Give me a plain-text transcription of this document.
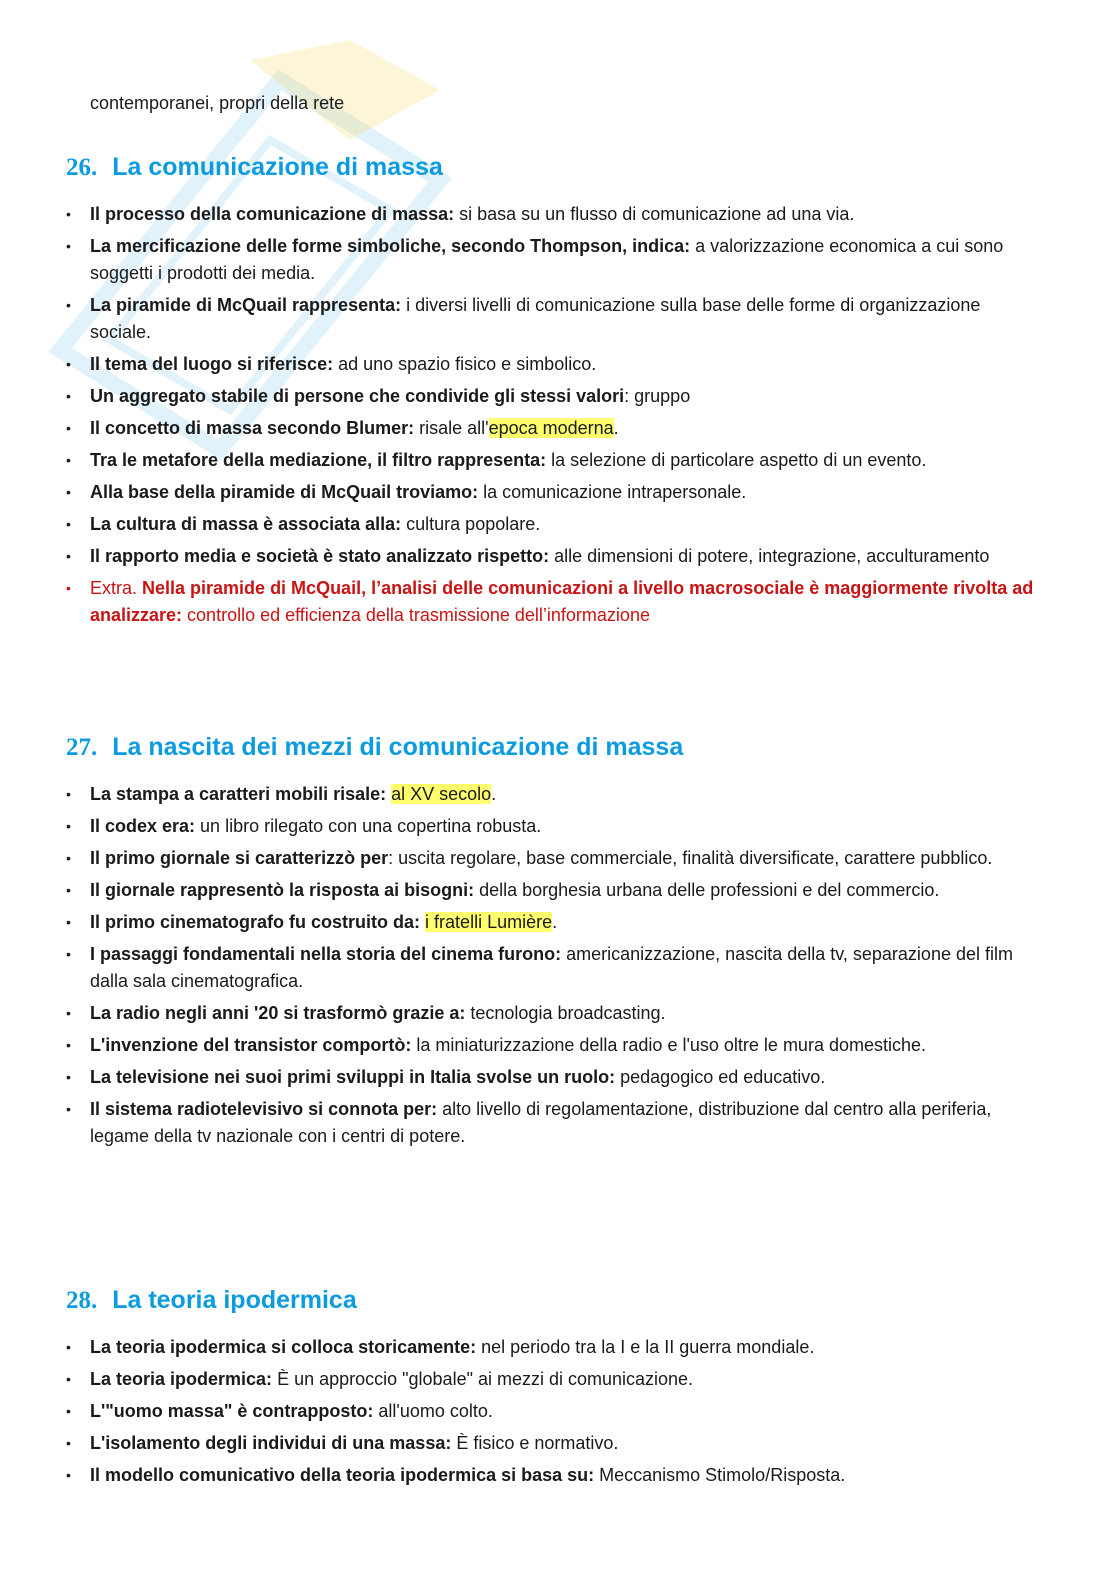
contemporanei, propri della rete
26. La comunicazione di massa
• Il processo della comunicazione di massa: si basa su un flusso di comunicazione ad una via.
• La mercificazione delle forme simboliche, secondo Thompson, indica: a valorizzazione economica a cui sono soggetti i prodotti dei media.
• La piramide di McQuail rappresenta: i diversi livelli di comunicazione sulla base delle forme di organizzazione sociale.
• Il tema del luogo si riferisce: ad uno spazio fisico e simbolico.
• Un aggregato stabile di persone che condivide gli stessi valori: gruppo
• Il concetto di massa secondo Blumer: risale all'epoca moderna.
• Tra le metafore della mediazione, il filtro rappresenta: la selezione di particolare aspetto di un evento.
• Alla base della piramide di McQuail troviamo: la comunicazione intrapersonale.
• La cultura di massa è associata alla: cultura popolare.
• Il rapporto media e società è stato analizzato rispetto: alle dimensioni di potere, integrazione, acculturamento
• Extra. Nella piramide di McQuail, l’analisi delle comunicazioni a livello macrosociale è maggiormente rivolta ad analizzare: controllo ed efficienza della trasmissione dell’informazione
27. La nascita dei mezzi di comunicazione di massa
• La stampa a caratteri mobili risale: al XV secolo.
• Il codex era: un libro rilegato con una copertina robusta.
• Il primo giornale si caratterizzò per: uscita regolare, base commerciale, finalità diversificate, carattere pubblico.
• Il giornale rappresentò la risposta ai bisogni: della borghesia urbana delle professioni e del commercio.
• Il primo cinematografo fu costruito da: i fratelli Lumière.
• I passaggi fondamentali nella storia del cinema furono: americanizzazione, nascita della tv, separazione del film dalla sala cinematografica.
• La radio negli anni '20 si trasformò grazie a: tecnologia broadcasting.
• L'invenzione del transistor comportò: la miniaturizzazione della radio e l'uso oltre le mura domestiche.
• La televisione nei suoi primi sviluppi in Italia svolse un ruolo: pedagogico ed educativo.
• Il sistema radiotelevisivo si connota per: alto livello di regolamentazione, distribuzione dal centro alla periferia, legame della tv nazionale con i centri di potere.
28. La teoria ipodermica
• La teoria ipodermica si colloca storicamente: nel periodo tra la I e la II guerra mondiale.
• La teoria ipodermica: È un approccio "globale" ai mezzi di comunicazione.
• L'"uomo massa" è contrapposto: all'uomo colto.
• L'isolamento degli individui di una massa: È fisico e normativo.
• Il modello comunicativo della teoria ipodermica si basa su: Meccanismo Stimolo/Risposta.
